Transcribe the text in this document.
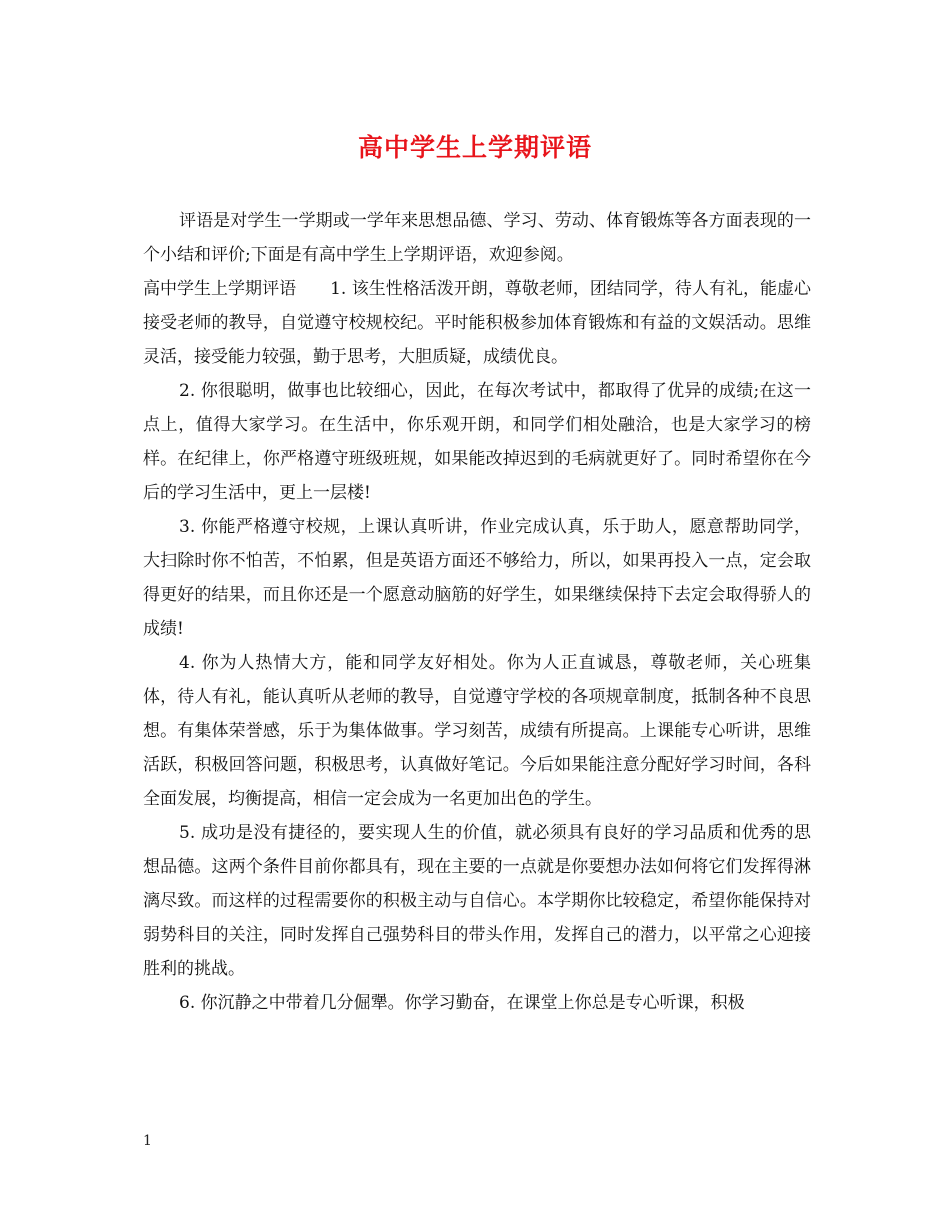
高中学生上学期评语

评语是对学生一学期或一学年来思想品德、学习、劳动、体育锻炼等各方面表现的一个小结和评价;下面是有高中学生上学期评语，欢迎参阅。

高中学生上学期评语　　1. 该生性格活泼开朗，尊敬老师，团结同学，待人有礼，能虚心接受老师的教导，自觉遵守校规校纪。平时能积极参加体育锻炼和有益的文娱活动。思维灵活，接受能力较强，勤于思考，大胆质疑，成绩优良。

2. 你很聪明，做事也比较细心，因此，在每次考试中，都取得了优异的成绩;在这一点上，值得大家学习。在生活中，你乐观开朗，和同学们相处融洽，也是大家学习的榜样。在纪律上，你严格遵守班级班规，如果能改掉迟到的毛病就更好了。同时希望你在今后的学习生活中，更上一层楼!

3. 你能严格遵守校规，上课认真听讲，作业完成认真，乐于助人，愿意帮助同学，大扫除时你不怕苦，不怕累，但是英语方面还不够给力，所以，如果再投入一点，定会取得更好的结果，而且你还是一个愿意动脑筋的好学生，如果继续保持下去定会取得骄人的成绩!

4. 你为人热情大方，能和同学友好相处。你为人正直诚恳，尊敬老师，关心班集体，待人有礼，能认真听从老师的教导，自觉遵守学校的各项规章制度，抵制各种不良思想。有集体荣誉感，乐于为集体做事。学习刻苦，成绩有所提高。上课能专心听讲，思维活跃，积极回答问题，积极思考，认真做好笔记。今后如果能注意分配好学习时间，各科全面发展，均衡提高，相信一定会成为一名更加出色的学生。

5. 成功是没有捷径的，要实现人生的价值，就必须具有良好的学习品质和优秀的思想品德。这两个条件目前你都具有，现在主要的一点就是你要想办法如何将它们发挥得淋漓尽致。而这样的过程需要你的积极主动与自信心。本学期你比较稳定，希望你能保持对弱势科目的关注，同时发挥自己强势科目的带头作用，发挥自己的潜力，以平常之心迎接胜利的挑战。

6. 你沉静之中带着几分倔犟。你学习勤奋，在课堂上你总是专心听课，积极

1
